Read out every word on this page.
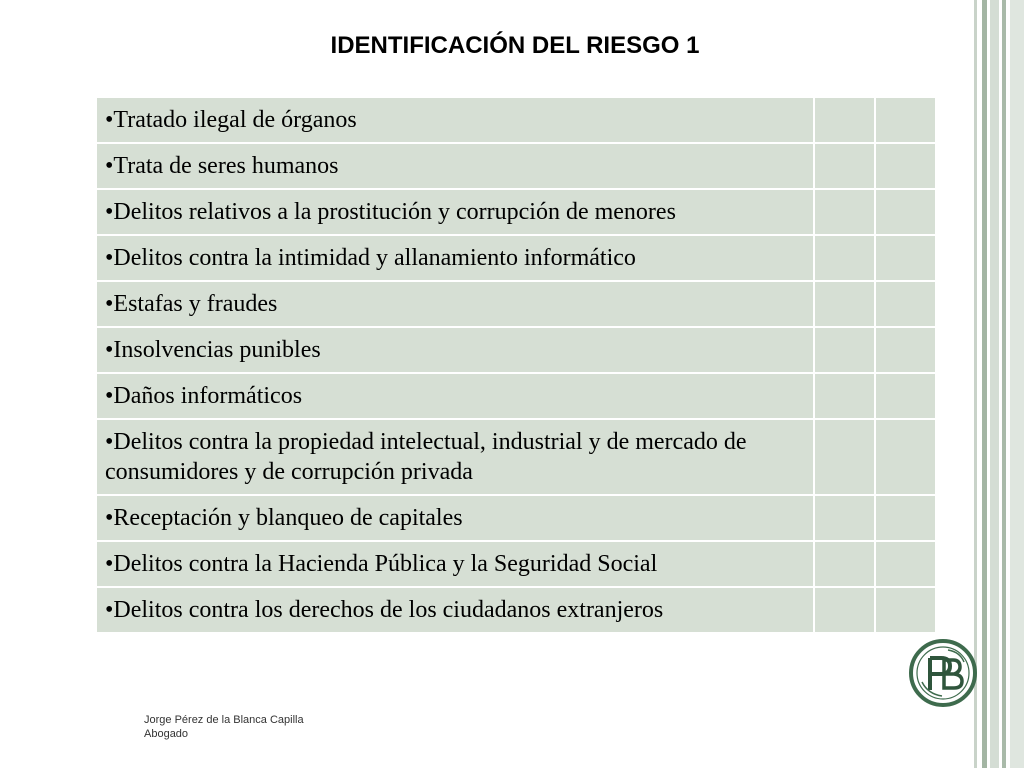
IDENTIFICACIÓN DEL RIESGO 1
•Tratado ilegal de órganos		
•Trata de seres humanos		
•Delitos relativos a la prostitución y corrupción de menores		
•Delitos contra la intimidad y allanamiento informático		
•Estafas y fraudes		
•Insolvencias punibles		
•Daños informáticos		
•Delitos contra la propiedad intelectual, industrial y de mercado de consumidores y de corrupción privada		
•Receptación y blanqueo de capitales		
•Delitos contra la Hacienda Pública y la Seguridad Social		
•Delitos contra los derechos de los ciudadanos extranjeros		
Jorge Pérez de la Blanca Capilla
Abogado
